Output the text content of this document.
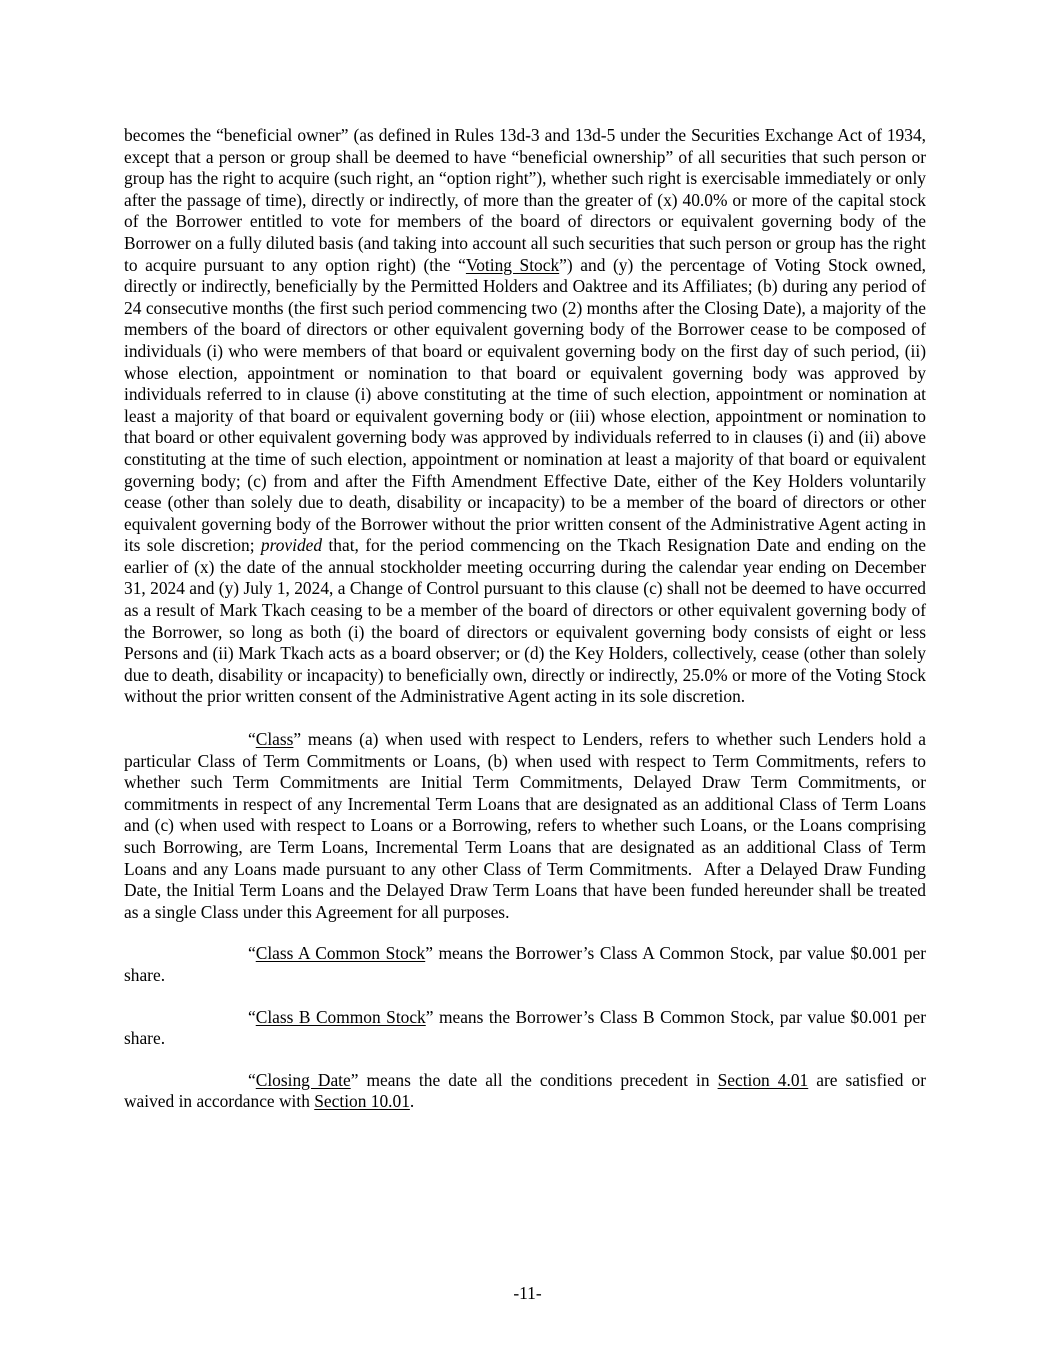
becomes the “beneficial owner” (as defined in Rules 13d-3 and 13d-5 under the Securities Exchange Act of 1934, except that a person or group shall be deemed to have “beneficial ownership” of all securities that such person or group has the right to acquire (such right, an “option right”), whether such right is exercisable immediately or only after the passage of time), directly or indirectly, of more than the greater of (x) 40.0% or more of the capital stock of the Borrower entitled to vote for members of the board of directors or equivalent governing body of the Borrower on a fully diluted basis (and taking into account all such securities that such person or group has the right to acquire pursuant to any option right) (the “Voting Stock”) and (y) the percentage of Voting Stock owned, directly or indirectly, beneficially by the Permitted Holders and Oaktree and its Affiliates; (b) during any period of 24 consecutive months (the first such period commencing two (2) months after the Closing Date), a majority of the members of the board of directors or other equivalent governing body of the Borrower cease to be composed of individuals (i) who were members of that board or equivalent governing body on the first day of such period, (ii) whose election, appointment or nomination to that board or equivalent governing body was approved by individuals referred to in clause (i) above constituting at the time of such election, appointment or nomination at least a majority of that board or equivalent governing body or (iii) whose election, appointment or nomination to that board or other equivalent governing body was approved by individuals referred to in clauses (i) and (ii) above constituting at the time of such election, appointment or nomination at least a majority of that board or equivalent governing body; (c) from and after the Fifth Amendment Effective Date, either of the Key Holders voluntarily cease (other than solely due to death, disability or incapacity) to be a member of the board of directors or other equivalent governing body of the Borrower without the prior written consent of the Administrative Agent acting in its sole discretion; provided that, for the period commencing on the Tkach Resignation Date and ending on the earlier of (x) the date of the annual stockholder meeting occurring during the calendar year ending on December 31, 2024 and (y) July 1, 2024, a Change of Control pursuant to this clause (c) shall not be deemed to have occurred as a result of Mark Tkach ceasing to be a member of the board of directors or other equivalent governing body of the Borrower, so long as both (i) the board of directors or equivalent governing body consists of eight or less Persons and (ii) Mark Tkach acts as a board observer; or (d) the Key Holders, collectively, cease (other than solely due to death, disability or incapacity) to beneficially own, directly or indirectly, 25.0% or more of the Voting Stock without the prior written consent of the Administrative Agent acting in its sole discretion.

“Class” means (a) when used with respect to Lenders, refers to whether such Lenders hold a particular Class of Term Commitments or Loans, (b) when used with respect to Term Commitments, refers to whether such Term Commitments are Initial Term Commitments, Delayed Draw Term Commitments, or commitments in respect of any Incremental Term Loans that are designated as an additional Class of Term Loans and (c) when used with respect to Loans or a Borrowing, refers to whether such Loans, or the Loans comprising such Borrowing, are Term Loans, Incremental Term Loans that are designated as an additional Class of Term Loans and any Loans made pursuant to any other Class of Term Commitments.  After a Delayed Draw Funding Date, the Initial Term Loans and the Delayed Draw Term Loans that have been funded hereunder shall be treated as a single Class under this Agreement for all purposes.

“Class A Common Stock” means the Borrower’s Class A Common Stock, par value $0.001 per share.

“Class B Common Stock” means the Borrower’s Class B Common Stock, par value $0.001 per share.

“Closing Date” means the date all the conditions precedent in Section 4.01 are satisfied or waived in accordance with Section 10.01.

-11-
